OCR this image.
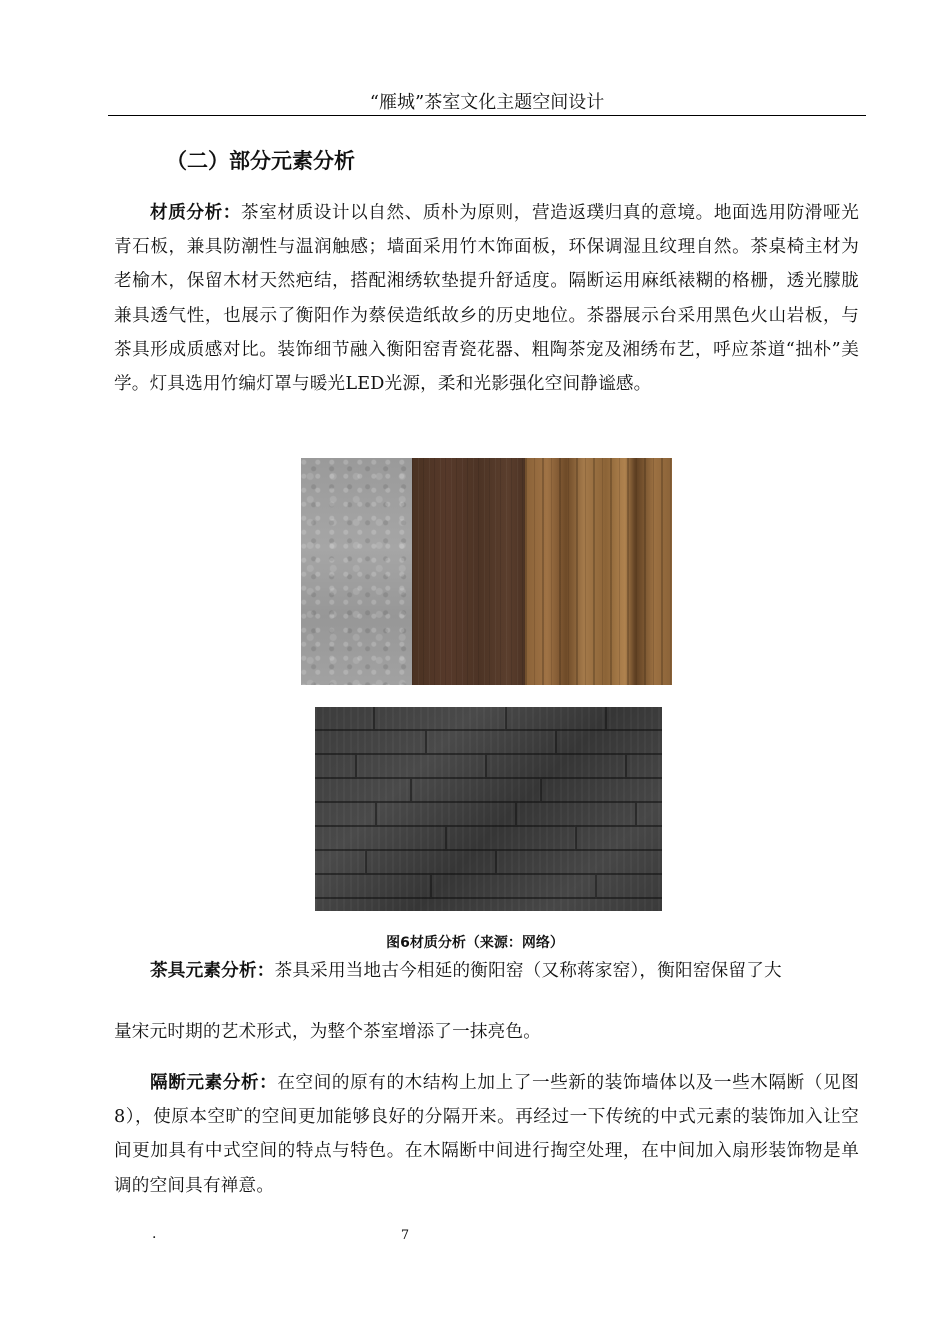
“雁城”茶室文化主题空间设计
（二）部分元素分析

材质分析：茶室材质设计以自然、质朴为原则，营造返璞归真的意境。地面选用防滑哑光青石板，兼具防潮性与温润触感；墙面采用竹木饰面板，环保调湿且纹理自然。茶桌椅主材为老榆木，保留木材天然疤结，搭配湘绣软垫提升舒适度。隔断运用麻纸裱糊的格栅，透光朦胧兼具透气性，也展示了衡阳作为蔡侯造纸故乡的历史地位。茶器展示台采用黑色火山岩板，与茶具形成质感对比。装饰细节融入衡阳窑青瓷花器、粗陶茶宠及湘绣布艺，呼应茶道“拙朴”美学。灯具选用竹编灯罩与暖光LED光源，柔和光影强化空间静谧感。

图6材质分析（来源：网络）

茶具元素分析：茶具采用当地古今相延的衡阳窑（又称蒋家窑），衡阳窑保留了大

量宋元时期的艺术形式，为整个茶室增添了一抹亮色。

隔断元素分析：在空间的原有的木结构上加上了一些新的装饰墙体以及一些木隔断（见图8），使原本空旷的空间更加能够良好的分隔开来。再经过一下传统的中式元素的装饰加入让空间更加具有中式空间的特点与特色。在木隔断中间进行掏空处理，在中间加入扇形装饰物是单调的空间具有禅意。

·	7
